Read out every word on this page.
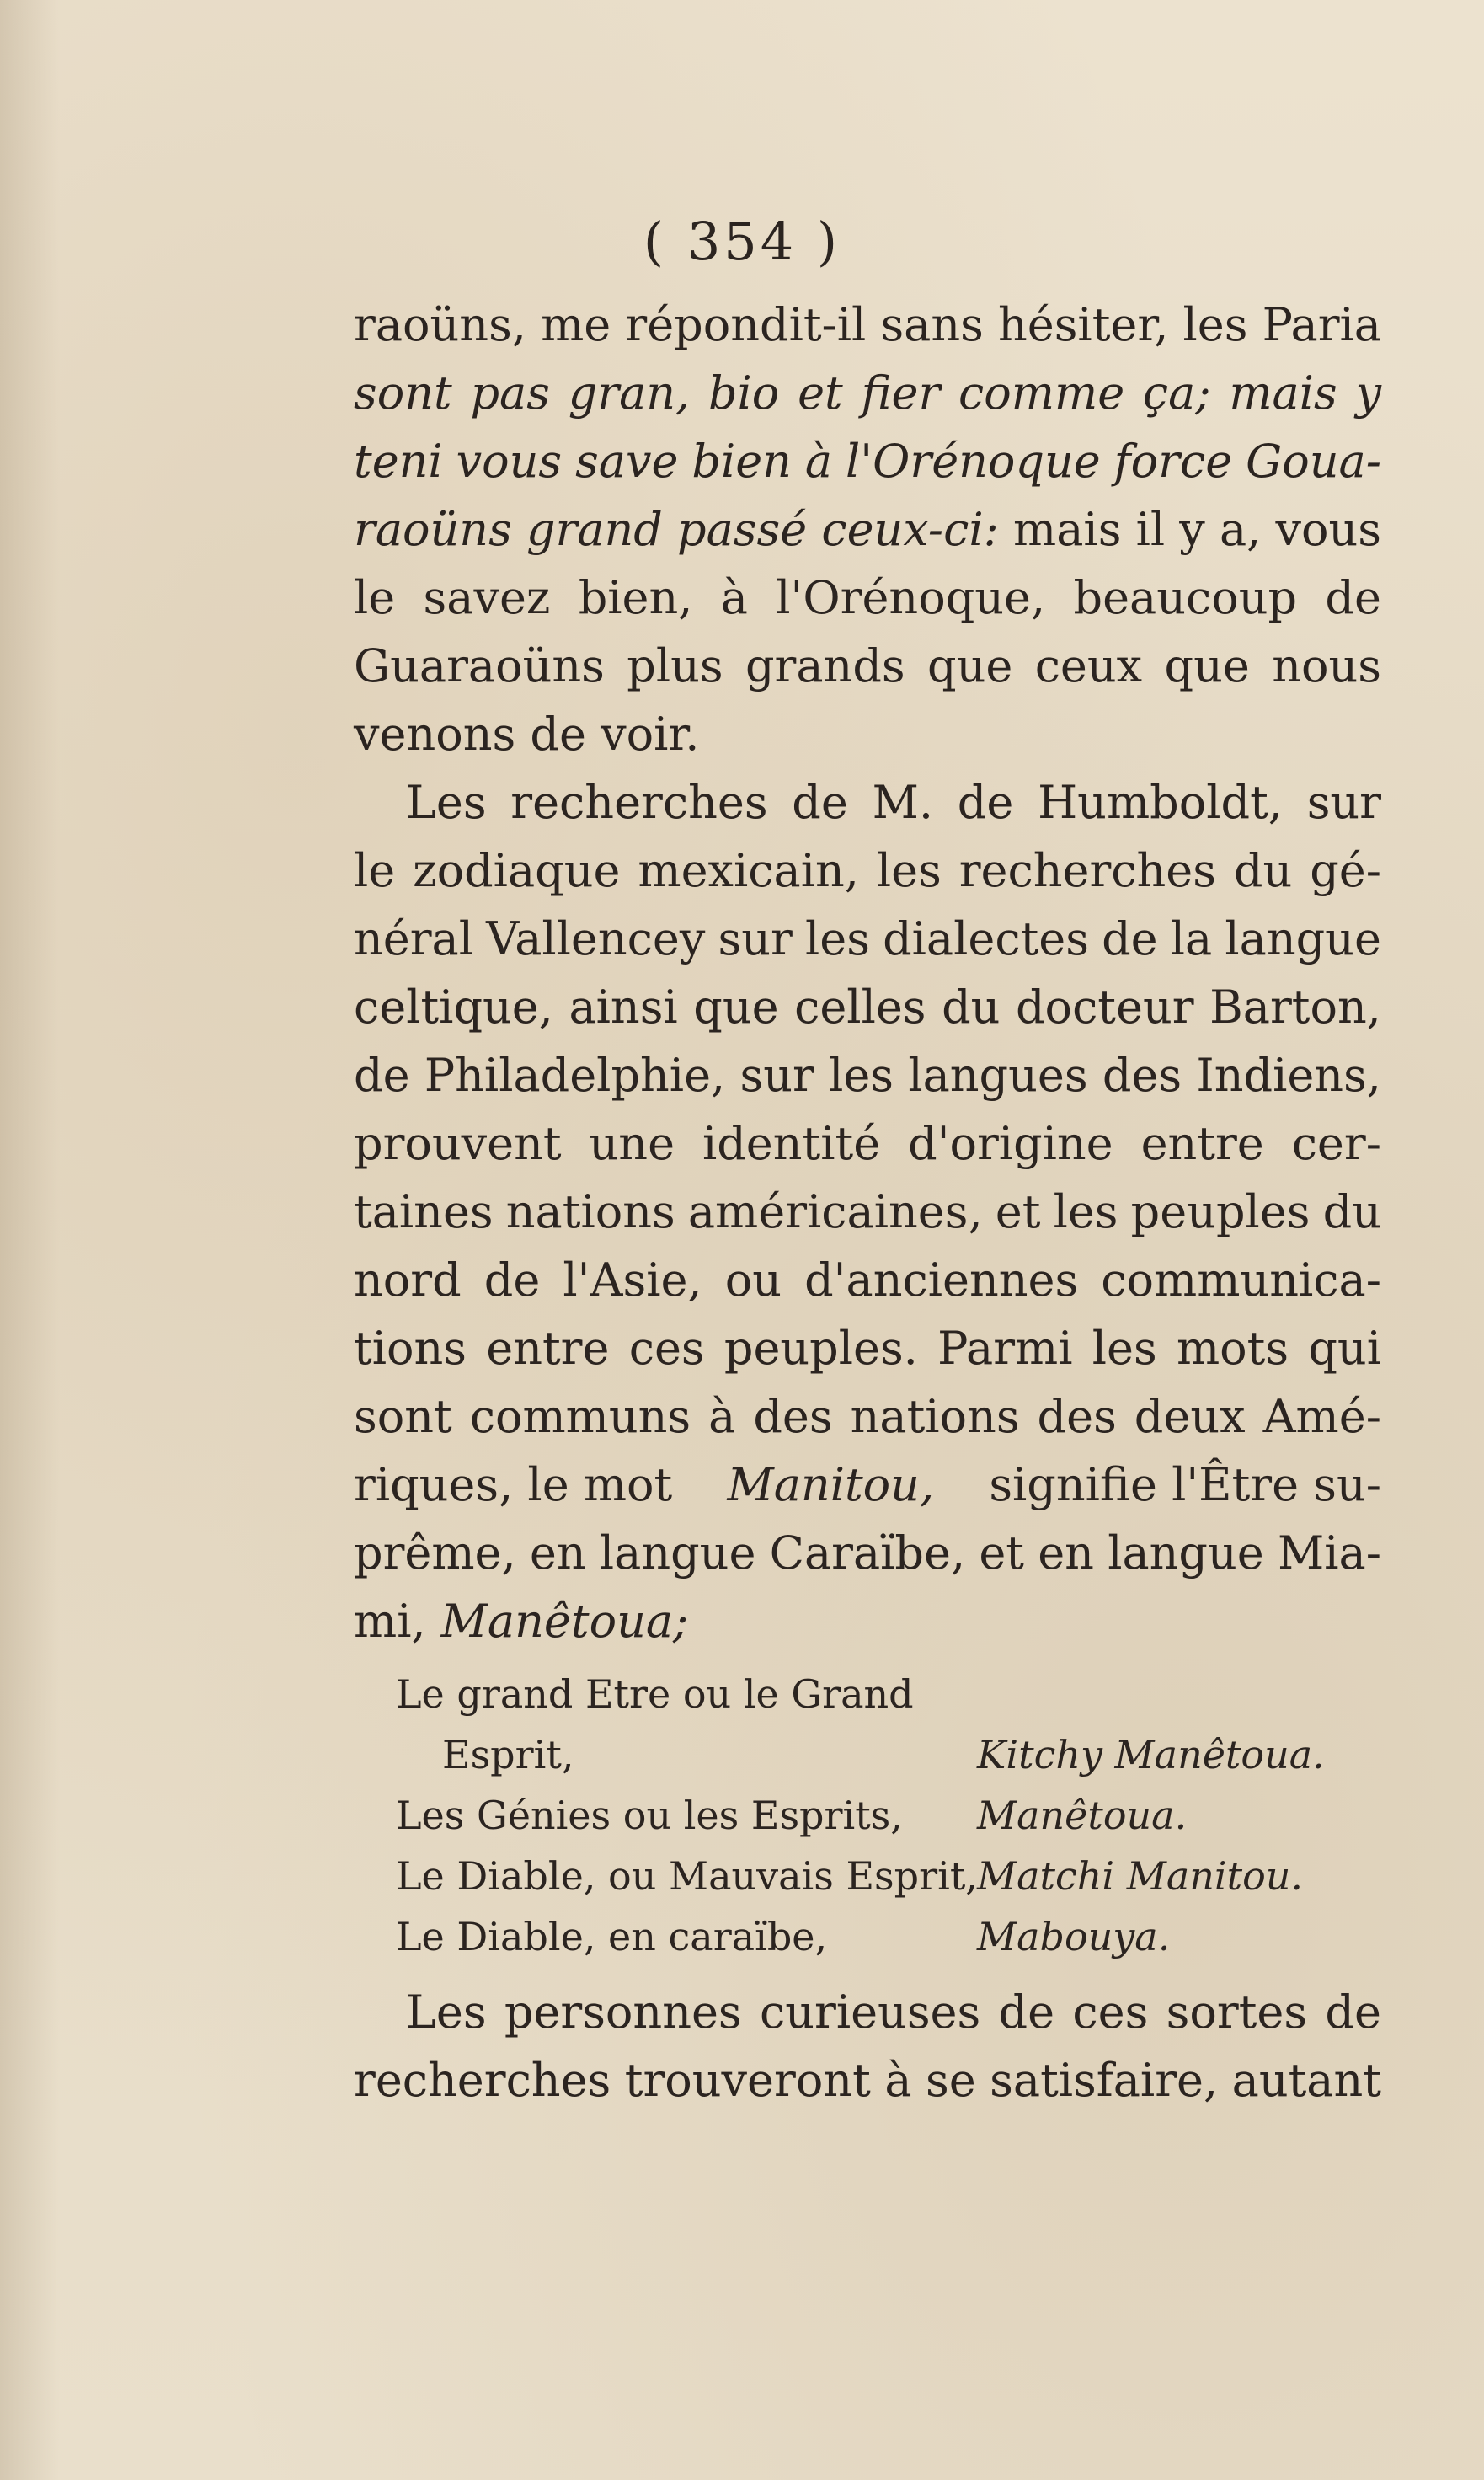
( 354 )
raoüns, me répondit-il sans hésiter, les Paria
sont pas gran, bio et fier comme ça; mais y
teni vous save bien à l'Orénoque force Goua-
raoüns grand passé ceux-ci: mais il y a, vous
le savez bien, à l'Orénoque, beaucoup de
Guaraoüns plus grands que ceux que nous
venons de voir.
Les recherches de M. de Humboldt, sur
le zodiaque mexicain, les recherches du gé-
néral Vallencey sur les dialectes de la langue
celtique, ainsi que celles du docteur Barton,
de Philadelphie, sur les langues des Indiens,
prouvent une identité d'origine entre cer-
taines nations américaines, et les peuples du
nord de l'Asie, ou d'anciennes communica-
tions entre ces peuples. Parmi les mots qui
sont communs à des nations des deux Amé-
riques, le mot Manitou, signifie l'Être su-
prême, en langue Caraïbe, et en langue Mia-
mi, Manêtoua;
Le grand Etre ou le Grand
Esprit,	Kitchy Manêtoua.
Les Génies ou les Esprits,	Manêtoua.
Le Diable, ou Mauvais Esprit, Matchi Manitou.
Le Diable, en caraïbe,	Mabouya.
Les personnes curieuses de ces sortes de
recherches trouveront à se satisfaire, autant
